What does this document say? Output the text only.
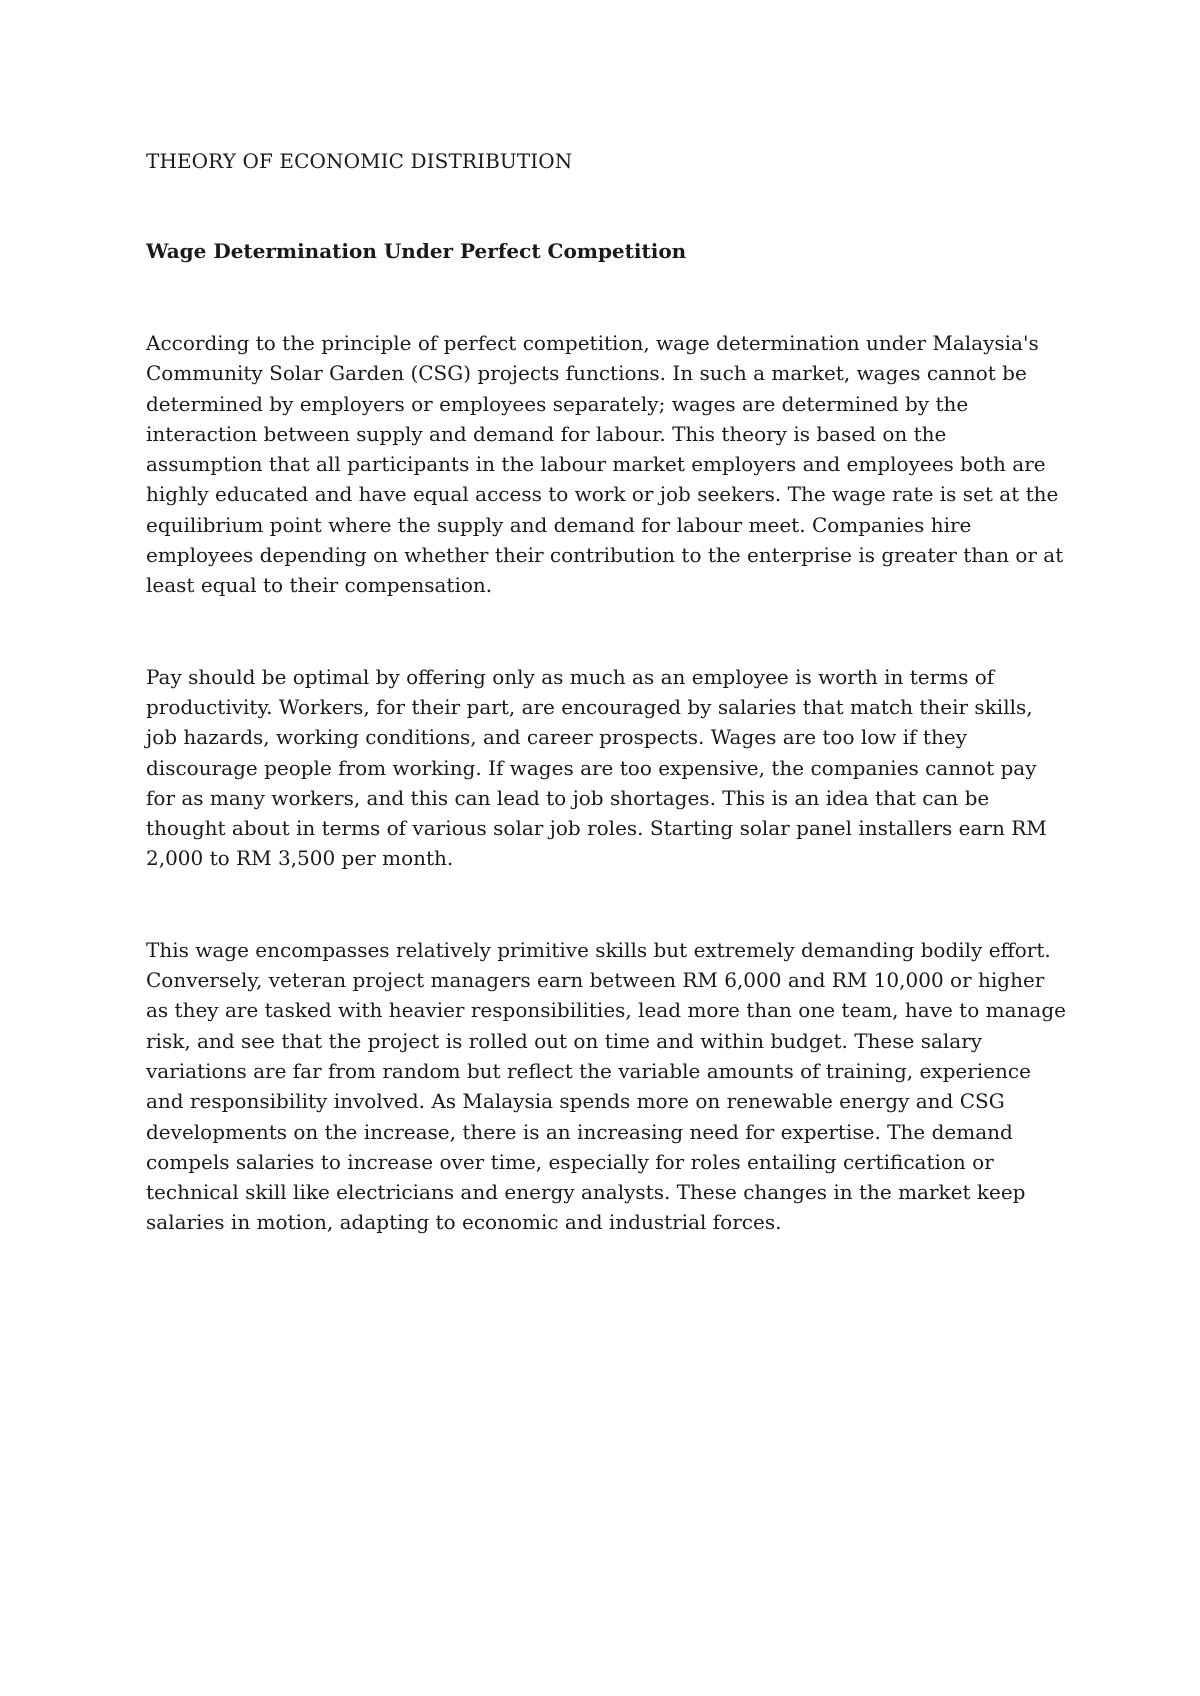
THEORY OF ECONOMIC DISTRIBUTION
Wage Determination Under Perfect Competition

According to the principle of perfect competition, wage determination under Malaysia's Community Solar Garden (CSG) projects functions. In such a market, wages cannot be determined by employers or employees separately; wages are determined by the interaction between supply and demand for labour. This theory is based on the assumption that all participants in the labour market employers and employees both are highly educated and have equal access to work or job seekers. The wage rate is set at the equilibrium point where the supply and demand for labour meet. Companies hire employees depending on whether their contribution to the enterprise is greater than or at least equal to their compensation.

Pay should be optimal by offering only as much as an employee is worth in terms of productivity. Workers, for their part, are encouraged by salaries that match their skills, job hazards, working conditions, and career prospects. Wages are too low if they discourage people from working. If wages are too expensive, the companies cannot pay for as many workers, and this can lead to job shortages. This is an idea that can be thought about in terms of various solar job roles. Starting solar panel installers earn RM 2,000 to RM 3,500 per month.

This wage encompasses relatively primitive skills but extremely demanding bodily effort. Conversely, veteran project managers earn between RM 6,000 and RM 10,000 or higher as they are tasked with heavier responsibilities, lead more than one team, have to manage risk, and see that the project is rolled out on time and within budget. These salary variations are far from random but reflect the variable amounts of training, experience and responsibility involved. As Malaysia spends more on renewable energy and CSG developments on the increase, there is an increasing need for expertise. The demand compels salaries to increase over time, especially for roles entailing certification or technical skill like electricians and energy analysts. These changes in the market keep salaries in motion, adapting to economic and industrial forces.
